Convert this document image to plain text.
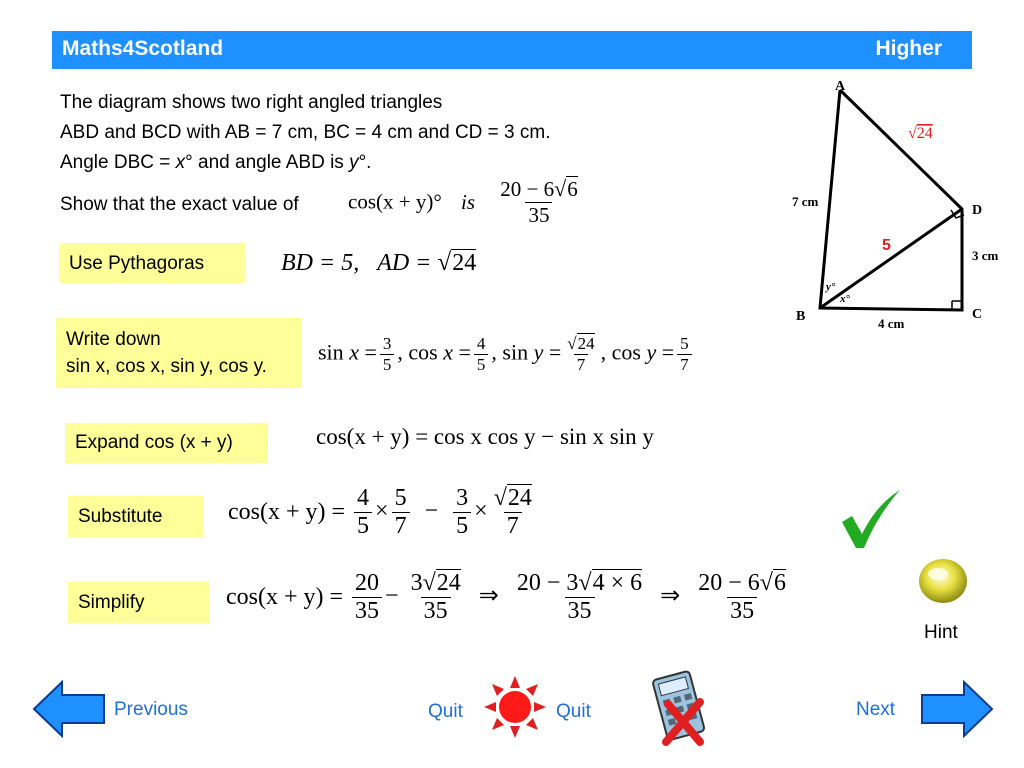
Maths4Scotland	Higher
The diagram shows two right angled triangles
ABD and BCD with AB = 7 cm, BC = 4 cm and CD = 3 cm.
Angle DBC = x° and angle ABD is y°.
Show that the exact value of cos(x + y)° is $\frac{20 - 6√6}{35}$
Use Pythagoras	BD = 5, AD = √24
Write down
sin x, cos x, sin y, cos y.
$\sin x = \frac{3}{5}$ , $\cos x = \frac{4}{5}$ , $\sin y = \frac{√24}{7}$ , $\cos y = \frac{5}{7}$
Expand cos (x + y)	cos(x + y) = cos x cos y − sin x sin y
Substitute	$\cos(x + y) = \frac{4}{5} \times \frac{5}{7} - \frac{3}{5} \times \frac{√24}{7}$
Simplify	$\cos(x + y) = \frac{20}{35} - \frac{3√24}{35}$ ⇒ $\frac{20 - 3√4 \times 6}{35}$ ⇒ $\frac{20 - 6√6}{35}$
A
B	C
D
7 cm
4 cm
3 cm
5
√24
y°
x°
Hint
Previous	Next
Quit	Quit
